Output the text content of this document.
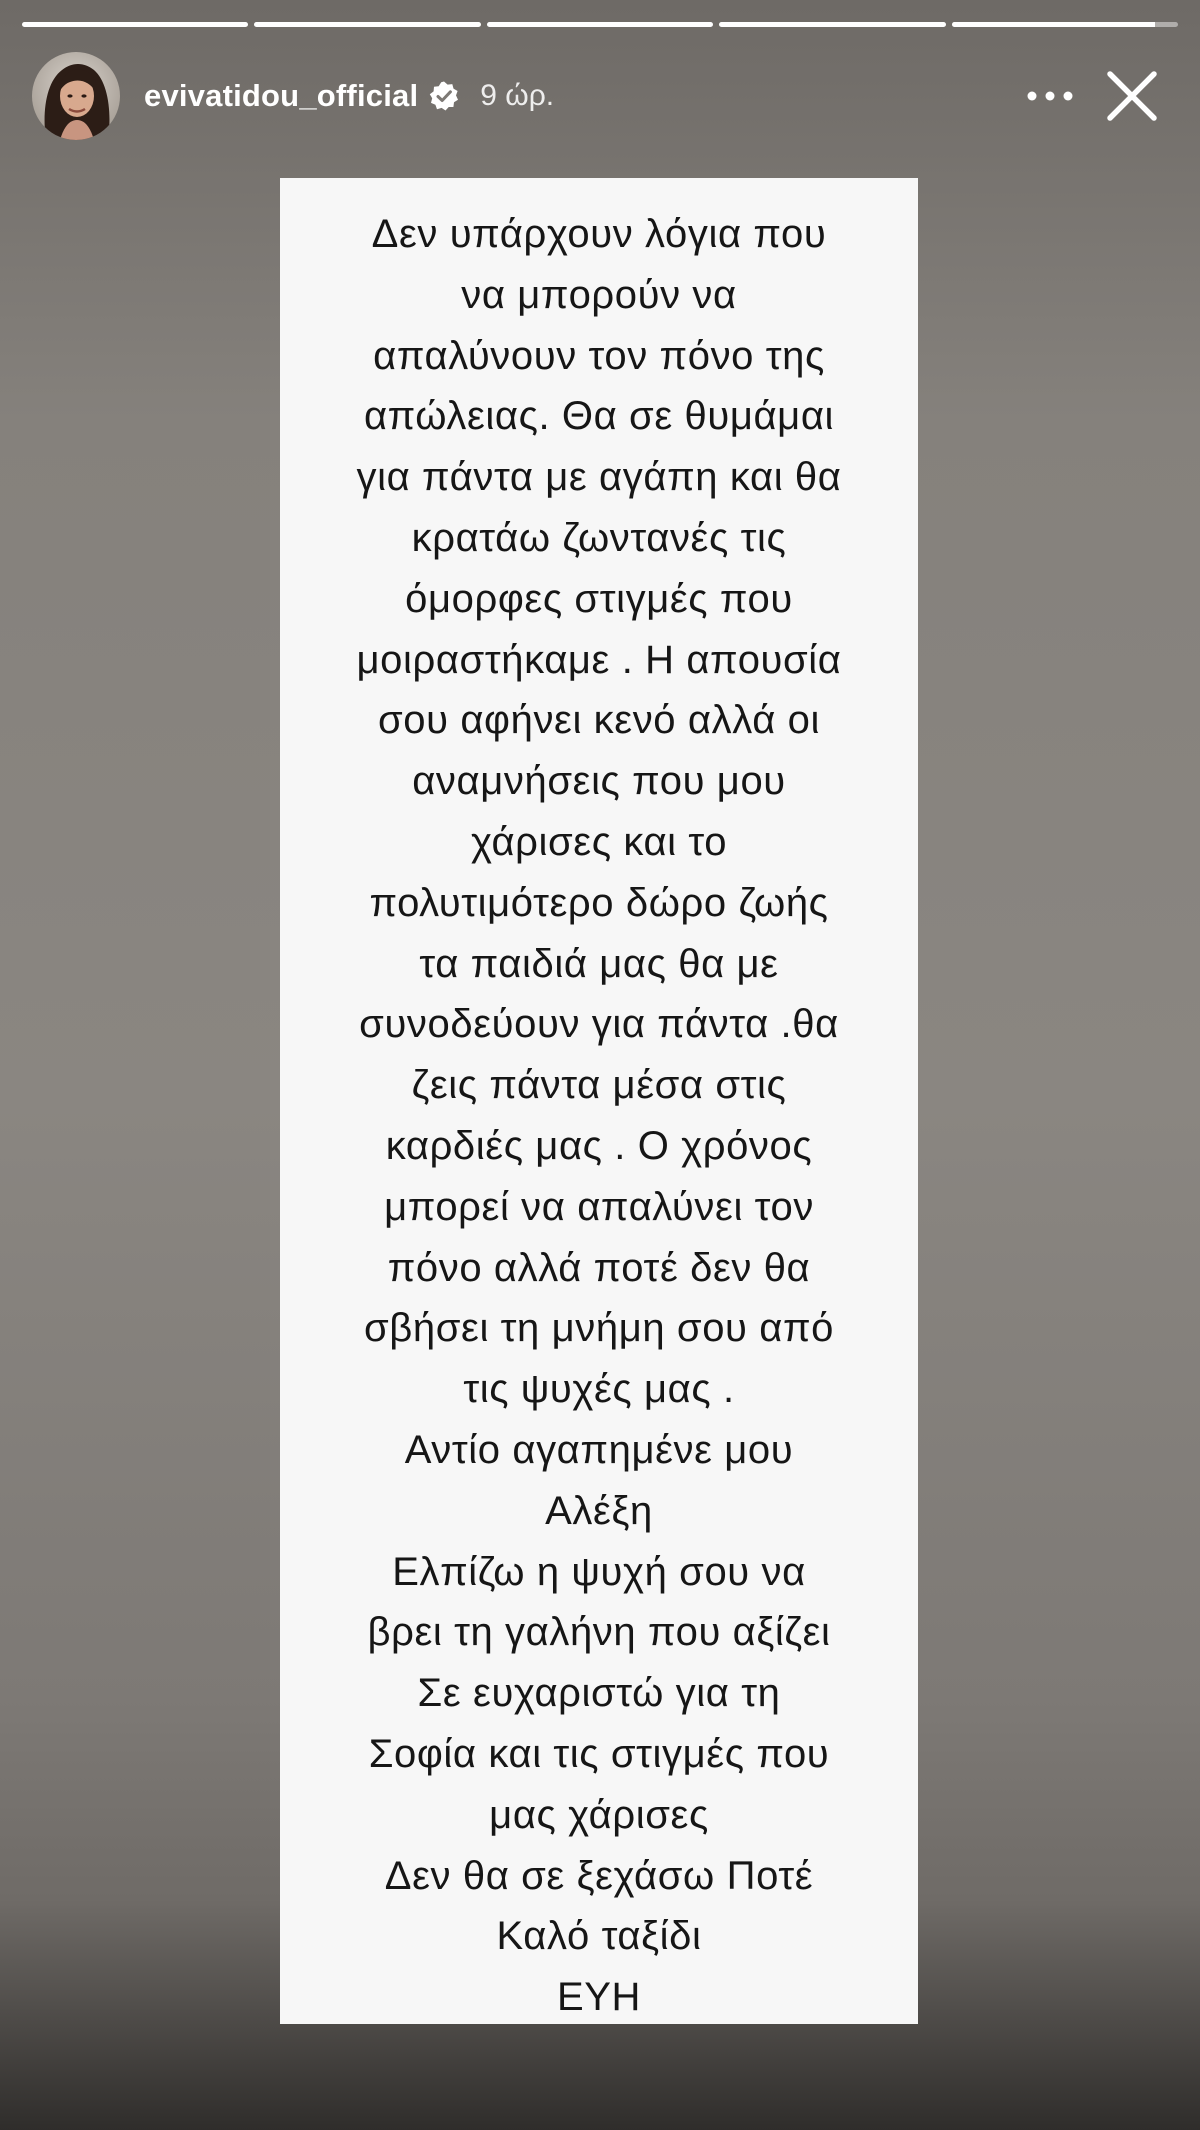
evivatidou_official 9 ώρ.
Δεν υπάρχουν λόγια που
να μπορούν να
απαλύνουν τον πόνο της
απώλειας. Θα σε θυμάμαι
για πάντα με αγάπη και θα
κρατάω ζωντανές τις
όμορφες στιγμές που
μοιραστήκαμε . Η απουσία
σου αφήνει κενό αλλά οι
αναμνήσεις που μου
χάρισες και το
πολυτιμότερο δώρο ζωής
τα παιδιά μας θα με
συνοδεύουν για πάντα .θα
ζεις πάντα μέσα στις
καρδιές μας . Ο χρόνος
μπορεί να απαλύνει τον
πόνο αλλά ποτέ δεν θα
σβήσει τη μνήμη σου από
τις ψυχές μας .
Αντίο αγαπημένε μου
Αλέξη
Ελπίζω η ψυχή σου να
βρει τη γαλήνη που αξίζει
Σε ευχαριστώ για τη
Σοφία και τις στιγμές που
μας χάρισες
Δεν θα σε ξεχάσω Ποτέ
Καλό ταξίδι
ΕΥΗ
